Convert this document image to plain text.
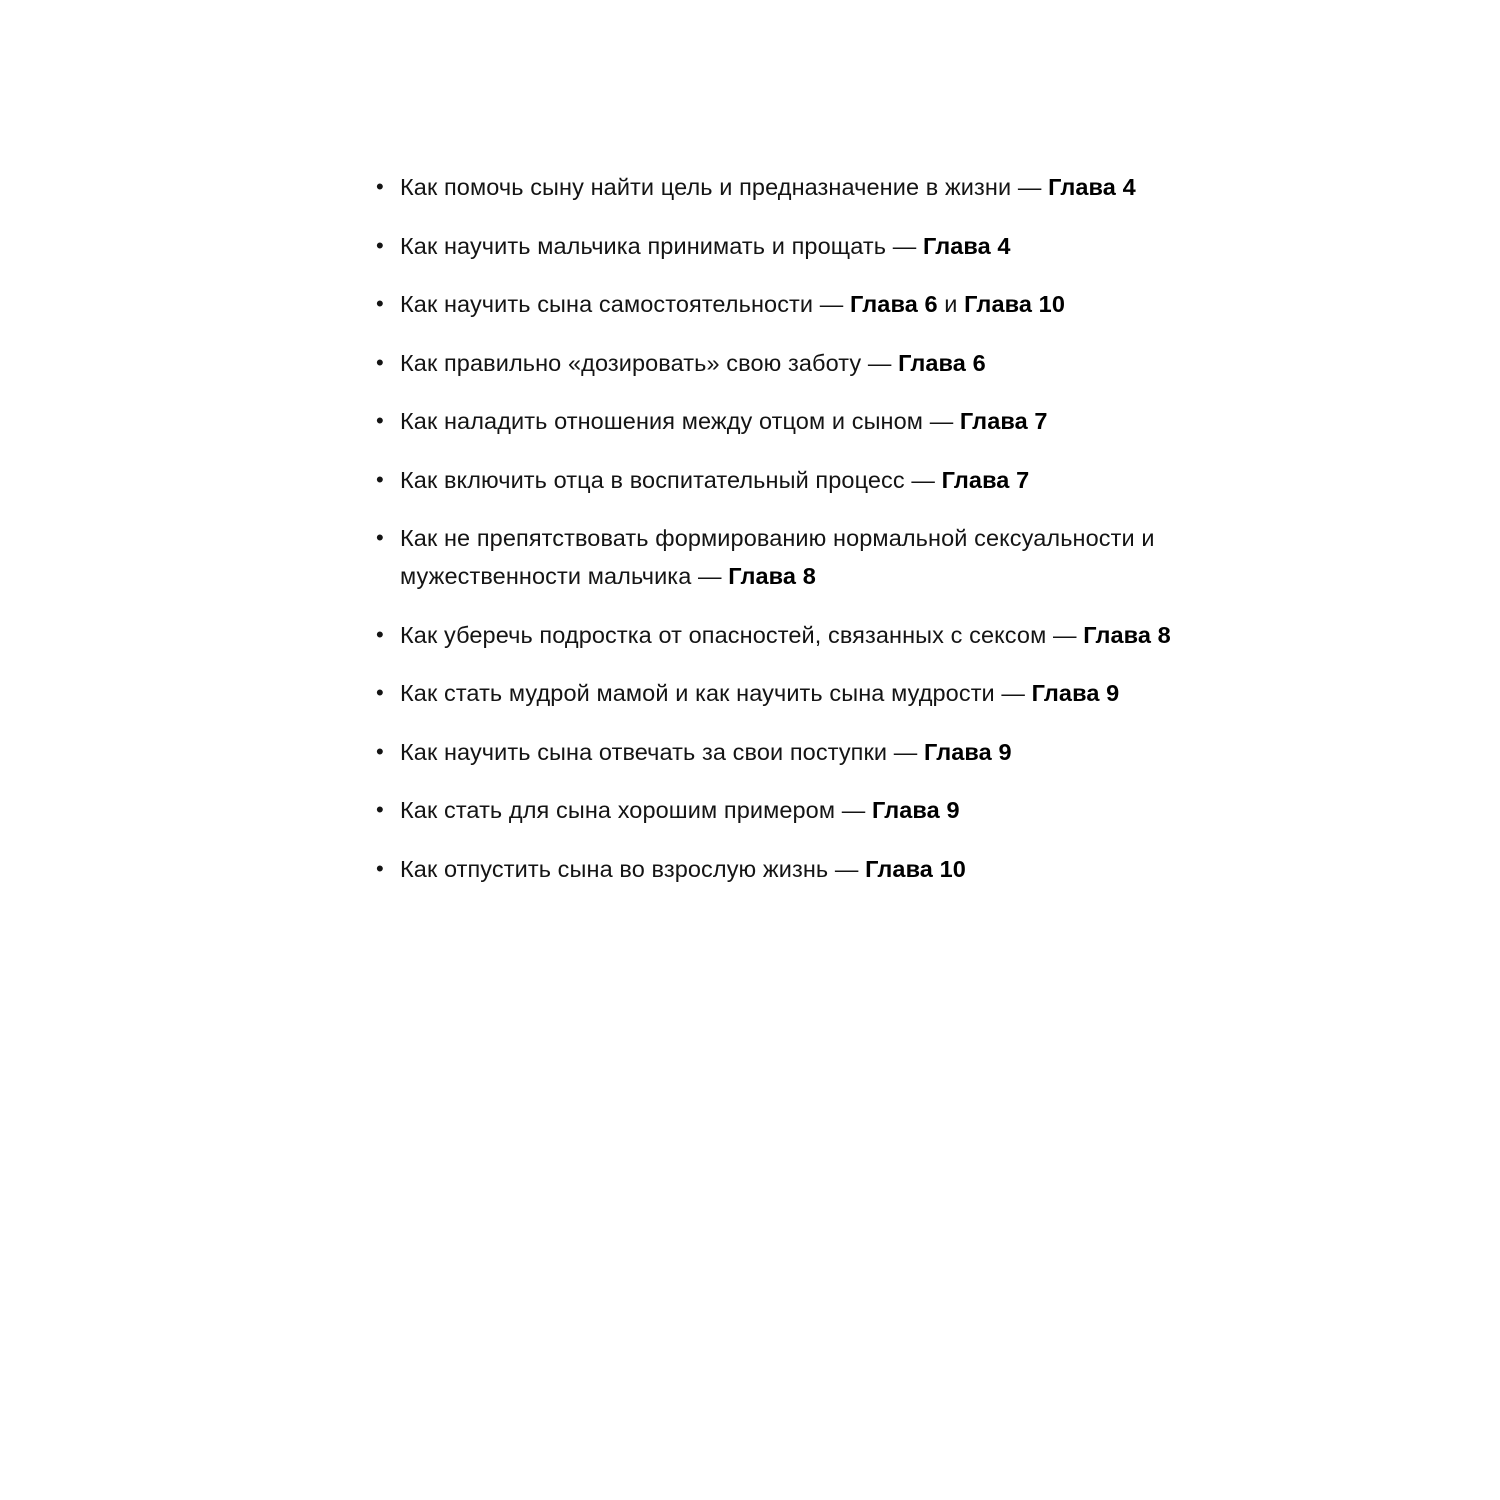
• Как помочь сыну найти цель и предназначение в жизни — Глава 4
• Как научить мальчика принимать и прощать — Глава 4
• Как научить сына самостоятельности — Глава 6 и Глава 10
• Как правильно «дозировать» свою заботу — Глава 6
• Как наладить отношения между отцом и сыном — Глава 7
• Как включить отца в воспитательный процесс — Глава 7
• Как не препятствовать формированию нормальной сексуальности и мужественности мальчика — Глава 8
• Как уберечь подростка от опасностей, связанных с сексом — Глава 8
• Как стать мудрой мамой и как научить сына мудрости — Глава 9
• Как научить сына отвечать за свои поступки — Глава 9
• Как стать для сына хорошим примером — Глава 9
• Как отпустить сына во взрослую жизнь — Глава 10
